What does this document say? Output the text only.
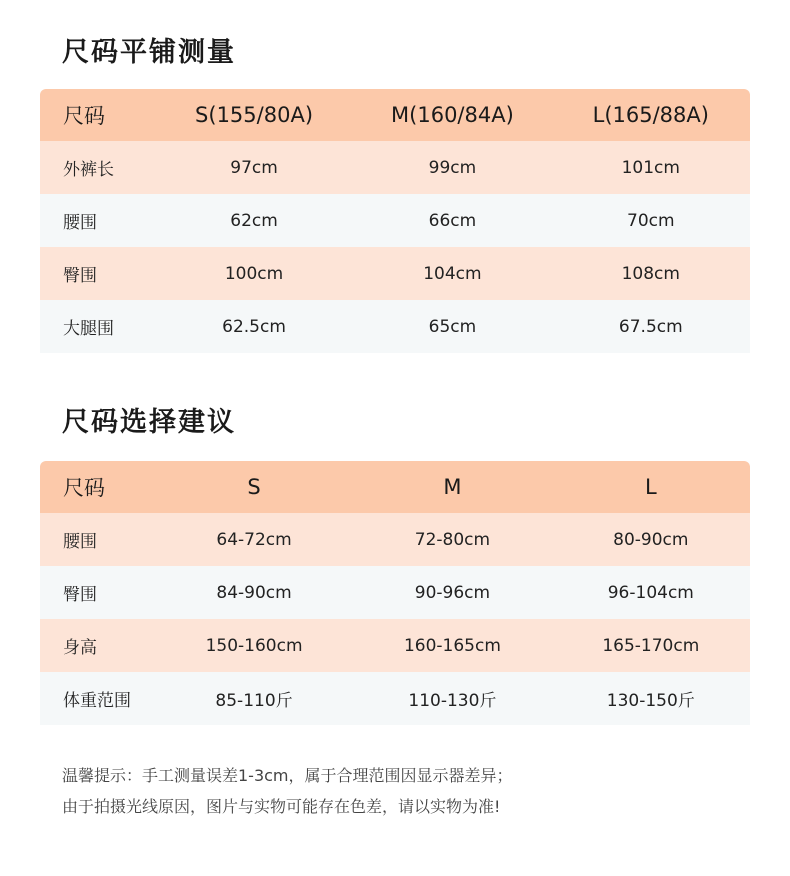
尺码平铺测量
尺码	S(155/80A)	M(160/84A)	L(165/88A)
外裤长	97cm	99cm	101cm
腰围	62cm	66cm	70cm
臀围	100cm	104cm	108cm
大腿围	62.5cm	65cm	67.5cm
尺码选择建议
尺码	S	M	L
腰围	64-72cm	72-80cm	80-90cm
臀围	84-90cm	90-96cm	96-104cm
身高	150-160cm	160-165cm	165-170cm
体重范围	85-110斤	110-130斤	130-150斤

温馨提示：手工测量误差1-3cm，属于合理范围因显示器差异；

由于拍摄光线原因，图片与实物可能存在色差，请以实物为准!
